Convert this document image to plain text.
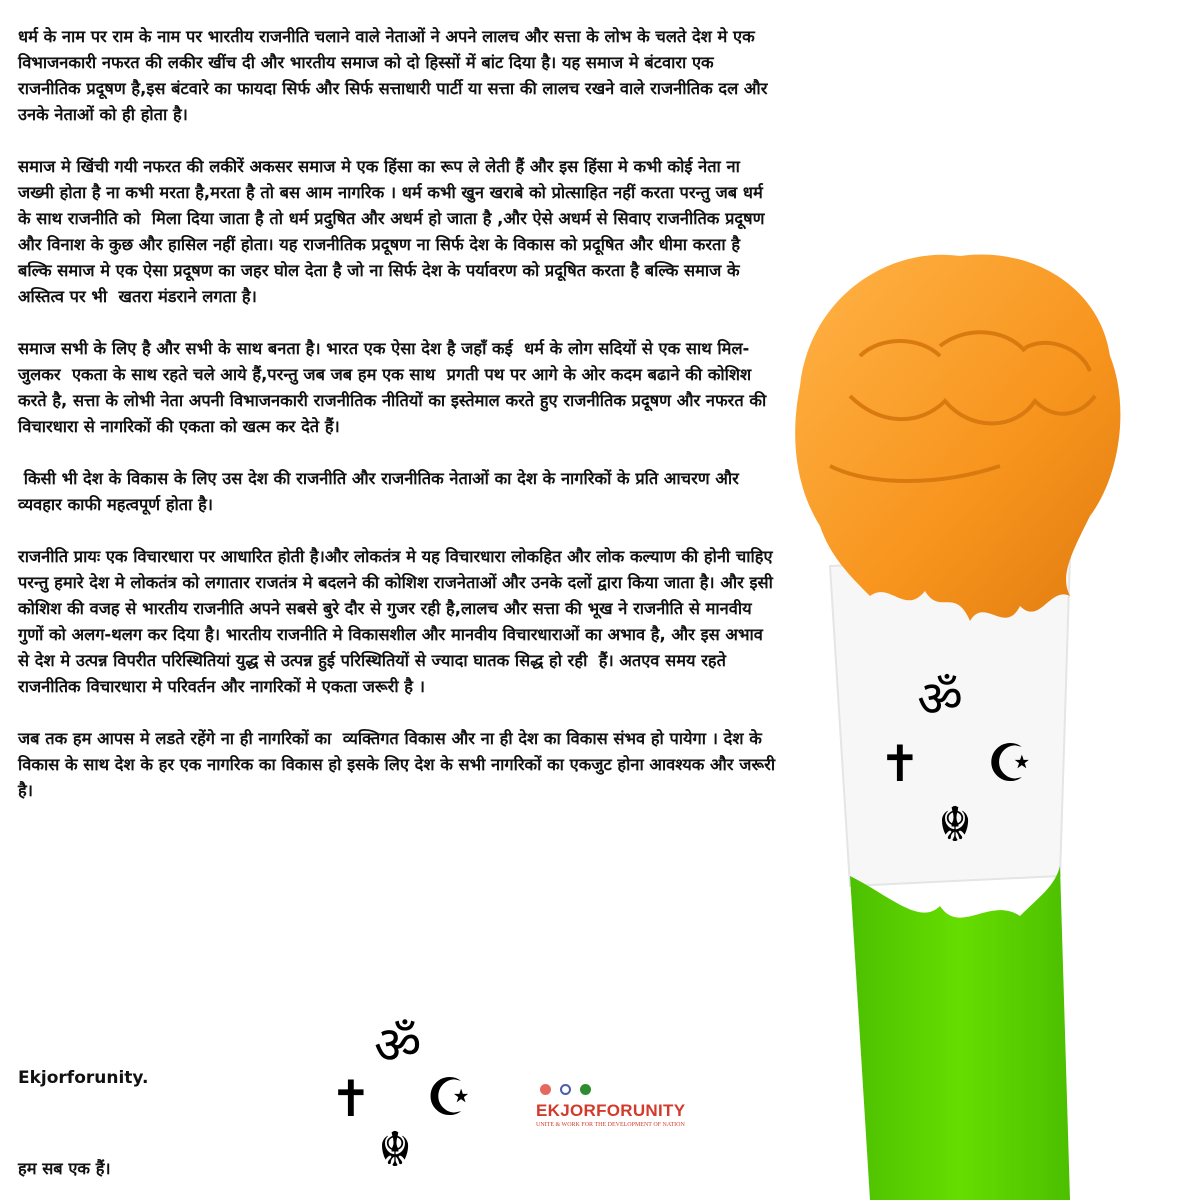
धर्म के नाम पर राम के नाम पर भारतीय राजनीति चलाने वाले नेताओं ने अपने लालच और सत्ता के लोभ के चलते देश मे एक विभाजनकारी नफरत की लकीर खींच दी और भारतीय समाज को दो हिस्सों में बांट दिया है। यह समाज मे बंटवारा एक राजनीतिक प्रदूषण है,इस बंटवारे का फायदा सिर्फ और सिर्फ सत्ताधारी पार्टी या सत्ता की लालच रखने वाले राजनीतिक दल और उनके नेताओं को ही होता है।

समाज मे खिंची गयी नफरत की लकीरें अकसर समाज मे एक हिंसा का रूप ले लेती हैं और इस हिंसा मे कभी कोई नेता ना जख्मी होता है ना कभी मरता है,मरता है तो बस आम नागरिक । धर्म कभी खुन खराबे को प्रोत्साहित नहीं करता परन्तु जब धर्म के साथ राजनीति को  मिला दिया जाता है तो धर्म प्रदुषित और अधर्म हो जाता है ,और ऐसे अधर्म से सिवाए राजनीतिक प्रदूषण और विनाश के कुछ और हासिल नहीं होता। यह राजनीतिक प्रदूषण ना सिर्फ देश के विकास को प्रदूषित और धीमा करता है बल्कि समाज मे एक ऐसा प्रदूषण का जहर घोल देता है जो ना सिर्फ देश के पर्यावरण को प्रदूषित करता है बल्कि समाज के अस्तित्व पर भी  खतरा मंडराने लगता है।

समाज सभी के लिए है और सभी के साथ बनता है। भारत एक ऐसा देश है जहाँ कई  धर्म के लोग सदियों से एक साथ मिल-जुलकर  एकता के साथ रहते चले आये हैं,परन्तु जब जब हम एक साथ  प्रगती पथ पर आगे के ओर कदम बढाने की कोशिश करते है, सत्ता के लोभी नेता अपनी विभाजनकारी राजनीतिक नीतियों का इस्तेमाल करते हुए राजनीतिक प्रदूषण और नफरत की विचारधारा से नागरिकों की एकता को खत्म कर देते हैं।

किसी भी देश के विकास के लिए उस देश की राजनीति और राजनीतिक नेताओं का देश के नागरिकों के प्रति आचरण और व्यवहार काफी महत्वपूर्ण होता है।

राजनीति प्रायः एक विचारधारा पर आधारित होती है।और लोकतंत्र मे यह विचारधारा लोकहित और लोक कल्याण की होनी चाहिए परन्तु हमारे देश मे लोकतंत्र को लगातार राजतंत्र मे बदलने की कोशिश राजनेताओं और उनके दलों द्वारा किया जाता है। और इसी कोशिश की वजह से भारतीय राजनीति अपने सबसे बुरे दौर से गुजर रही है,लालच और सत्ता की भूख ने राजनीति से मानवीय गुणों को अलग-थलग कर दिया है। भारतीय राजनीति मे विकासशील और मानवीय विचारधाराओं का अभाव है, और इस अभाव से देश मे उत्पन्न विपरीत परिस्थितियां युद्ध से उत्पन्न हुई परिस्थितियों से ज्यादा घातक सिद्ध हो रही  हैं। अतएव समय रहते राजनीतिक विचारधारा मे परिवर्तन और नागरिकों मे एकता जरूरी है ।

जब तक हम आपस मे लडते रहेंगे ना ही नागरिकों का  व्यक्तिगत विकास और ना ही देश का विकास संभव हो पायेगा । देश के विकास के साथ देश के हर एक नागरिक का विकास हो इसके लिए देश के सभी नागरिकों का एकजुट होना आवश्यक और जरूरी है।

Ekjorforunity.
हम सब एक हैं।
ॐ
✝ ☪
☬
ॐ
✝ ☪
☬
EKJORFORUNITY
UNITE & WORK FOR THE DEVELOPMENT OF NATION
